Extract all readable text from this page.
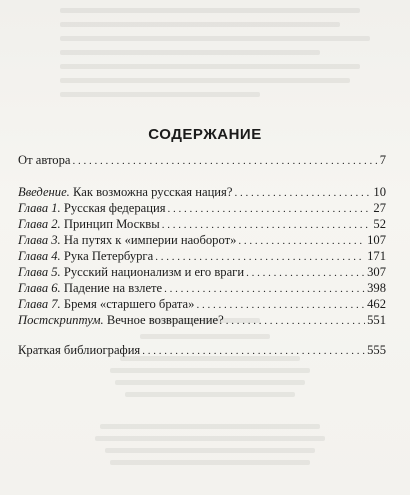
СОДЕРЖАНИЕ
От автора . . .	7
Введение. Как возможна русская нация? . . .	10
Глава 1. Русская федерация . . .	27
Глава 2. Принцип Москвы . . .	52
Глава 3. На путях к «империи наоборот» . . .	107
Глава 4. Рука Петербурга . . .	171
Глава 5. Русский национализм и его враги . . .	307
Глава 6. Падение на взлете . . .	398
Глава 7. Бремя «старшего брата» . . .	462
Постскриптум. Вечное возвращение? . . .	551
Краткая библиография . . .	555
